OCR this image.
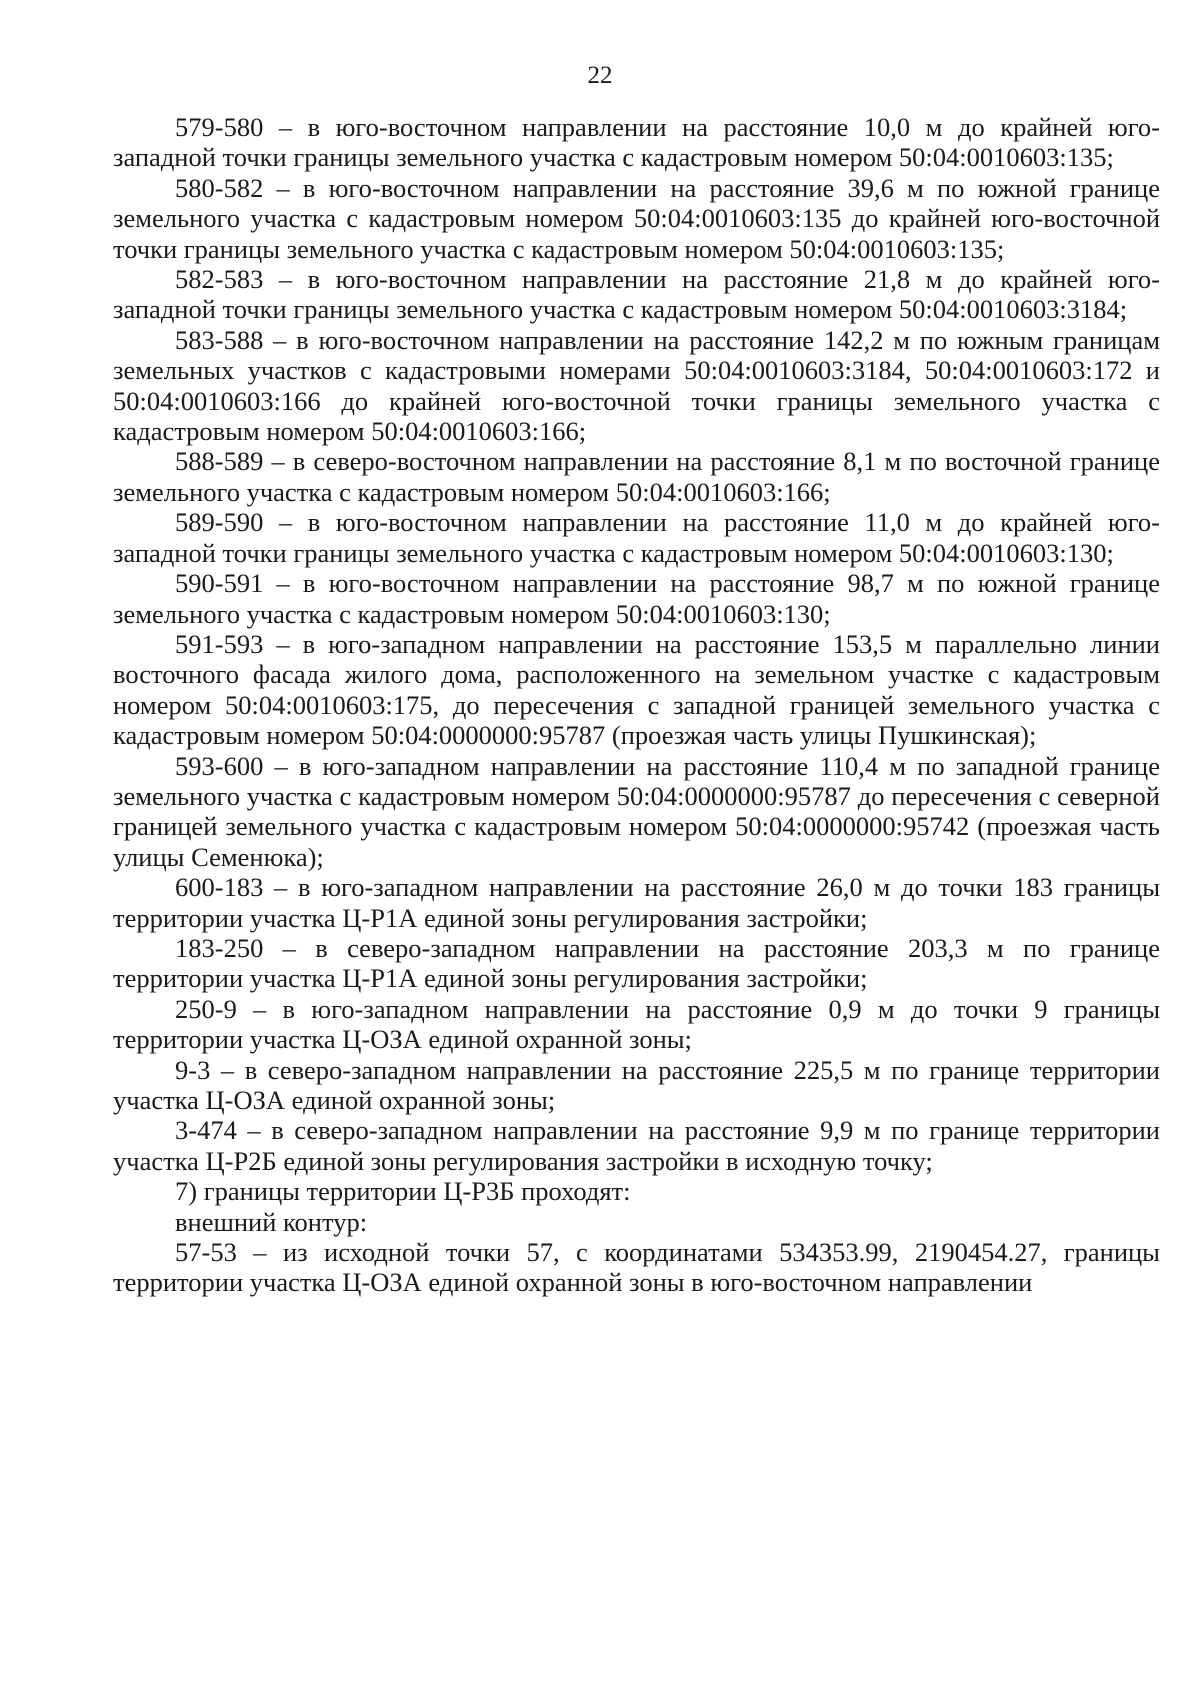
22

579-580 – в юго-восточном направлении на расстояние 10,0 м до крайней юго-западной точки границы земельного участка с кадастровым номером 50:04:0010603:135;

580-582 – в юго-восточном направлении на расстояние 39,6 м по южной границе земельного участка с кадастровым номером 50:04:0010603:135 до крайней юго-восточной точки границы земельного участка с кадастровым номером 50:04:0010603:135;

582-583 – в юго-восточном направлении на расстояние 21,8 м до крайней юго-западной точки границы земельного участка с кадастровым номером 50:04:0010603:3184;

583-588 – в юго-восточном направлении на расстояние 142,2 м по южным границам земельных участков с кадастровыми номерами 50:04:0010603:3184, 50:04:0010603:172 и 50:04:0010603:166 до крайней юго-восточной точки границы земельного участка с кадастровым номером 50:04:0010603:166;

588-589 – в северо-восточном направлении на расстояние 8,1 м по восточной границе земельного участка с кадастровым номером 50:04:0010603:166;

589-590 – в юго-восточном направлении на расстояние 11,0 м до крайней юго-западной точки границы земельного участка с кадастровым номером 50:04:0010603:130;

590-591 – в юго-восточном направлении на расстояние 98,7 м по южной границе земельного участка с кадастровым номером 50:04:0010603:130;

591-593 – в юго-западном направлении на расстояние 153,5 м параллельно линии восточного фасада жилого дома, расположенного на земельном участке с кадастровым номером 50:04:0010603:175, до пересечения с западной границей земельного участка с кадастровым номером 50:04:0000000:95787 (проезжая часть улицы Пушкинская);

593-600 – в юго-западном направлении на расстояние 110,4 м по западной границе земельного участка с кадастровым номером 50:04:0000000:95787 до пересечения с северной границей земельного участка с кадастровым номером 50:04:0000000:95742 (проезжая часть улицы Семенюка);

600-183 – в юго-западном направлении на расстояние 26,0 м до точки 183 границы территории участка Ц-Р1А единой зоны регулирования застройки;

183-250 – в северо-западном направлении на расстояние 203,3 м по границе территории участка Ц-Р1А единой зоны регулирования застройки;

250-9 – в юго-западном направлении на расстояние 0,9 м до точки 9 границы территории участка Ц-ОЗА единой охранной зоны;

9-3 – в северо-западном направлении на расстояние 225,5 м по границе территории участка Ц-ОЗА единой охранной зоны;

3-474 – в северо-западном направлении на расстояние 9,9 м по границе территории участка Ц-Р2Б единой зоны регулирования застройки в исходную точку;

7) границы территории Ц-Р3Б проходят:

внешний контур:

57-53 – из исходной точки 57, с координатами 534353.99, 2190454.27, границы территории участка Ц-ОЗА единой охранной зоны в юго-восточном направлении
